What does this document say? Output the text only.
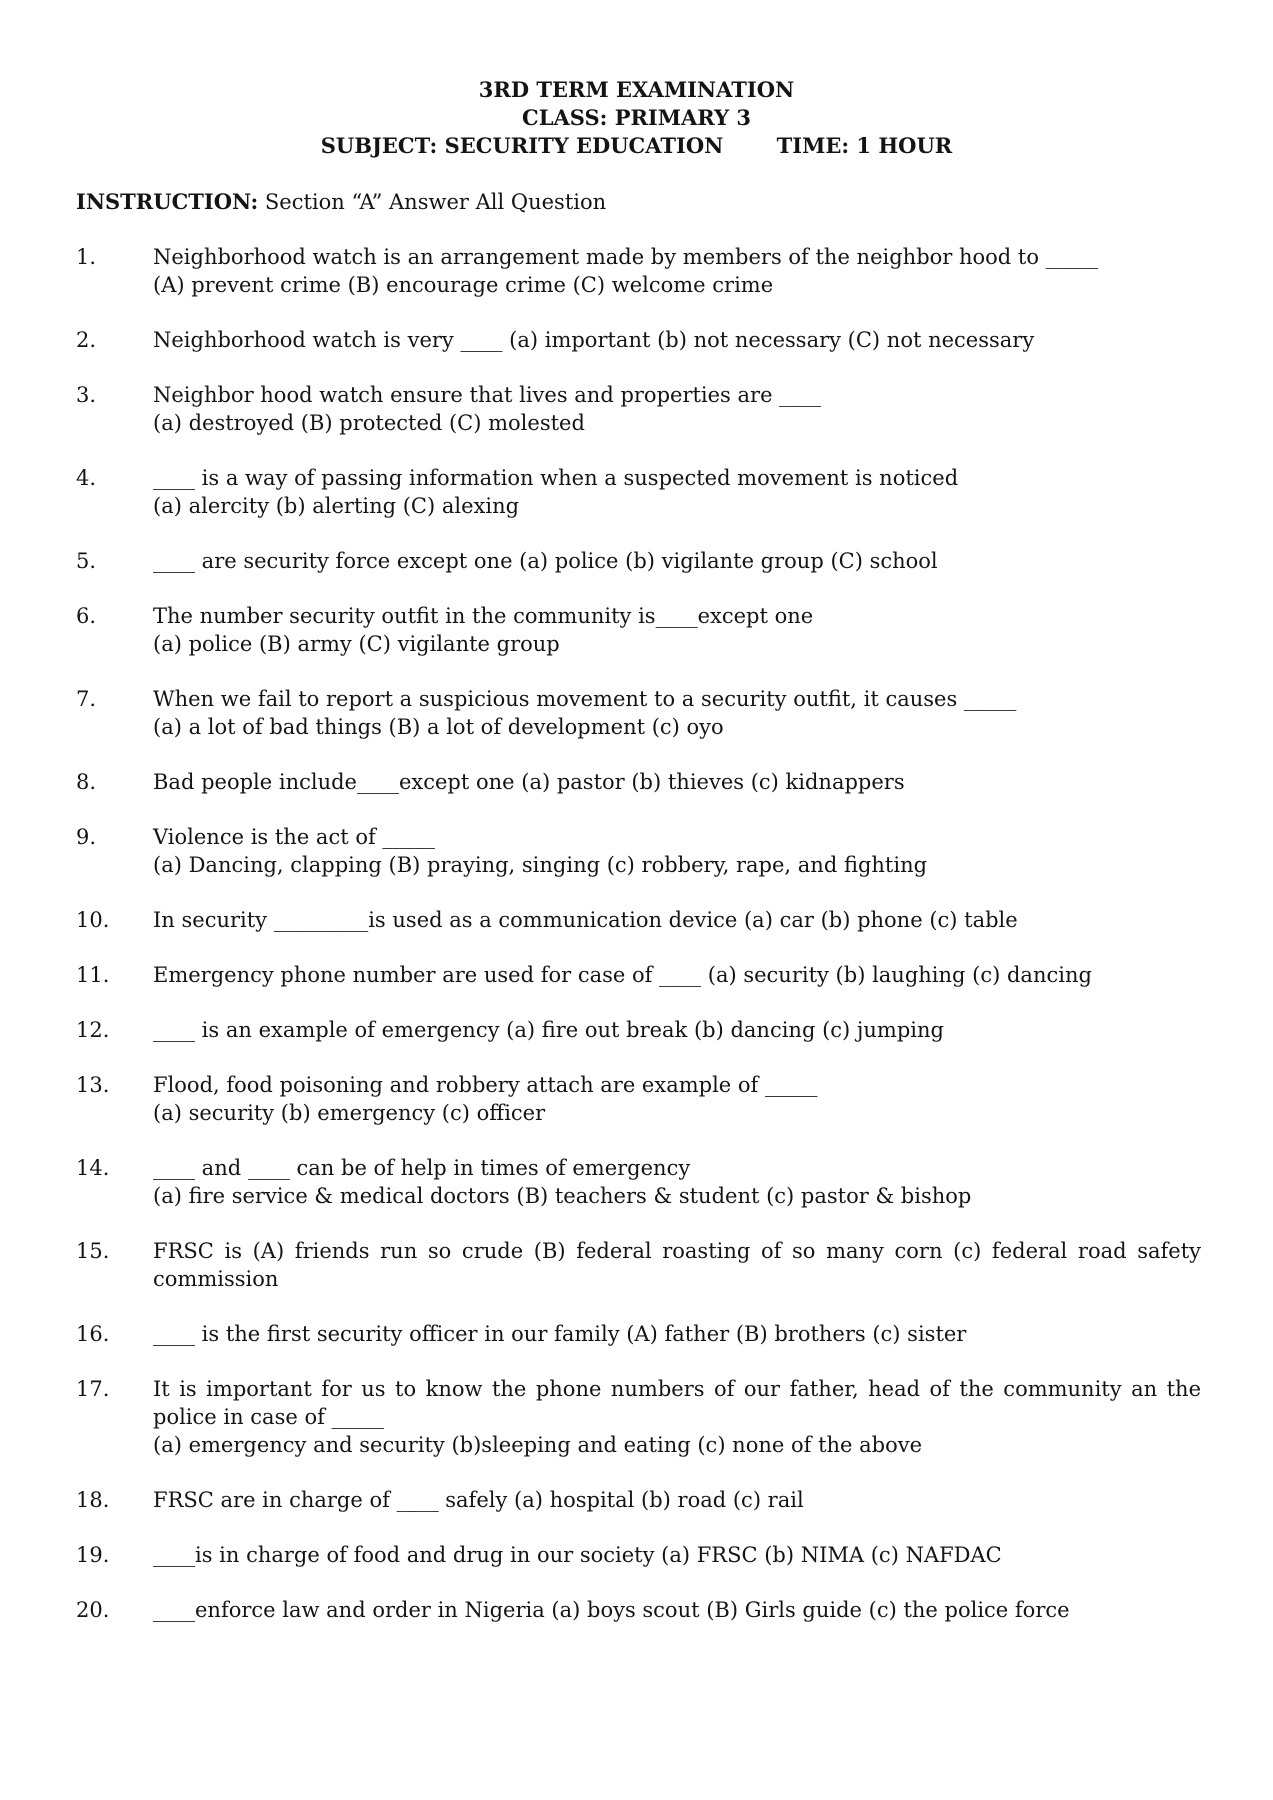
3RD TERM EXAMINATION
CLASS: PRIMARY 3
SUBJECT: SECURITY EDUCATION	TIME: 1 HOUR
INSTRUCTION: Section “A” Answer All Question
1.	Neighborhood watch is an arrangement made by members of the neighbor hood to _____
(A) prevent crime (B) encourage crime (C) welcome crime
2.	Neighborhood watch is very ____ (a) important (b) not necessary (C) not necessary
3.	Neighbor hood watch ensure that lives and properties are ____
(a) destroyed (B) protected (C) molested
4.	____ is a way of passing information when a suspected movement is noticed
(a) alercity (b) alerting (C) alexing
5.	____ are security force except one (a) police (b) vigilante group (C) school
6.	The number security outfit in the community is____except one
(a) police (B) army (C) vigilante group
7.	When we fail to report a suspicious movement to a security outfit, it causes _____
(a) a lot of bad things (B) a lot of development (c) oyo
8.	Bad people include____except one (a) pastor (b) thieves (c) kidnappers
9.	Violence is the act of _____
(a) Dancing, clapping (B) praying, singing (c) robbery, rape, and fighting
10. In security _________is used as a communication device (a) car (b) phone (c) table
11. Emergency phone number are used for case of ____ (a) security (b) laughing (c) dancing
12. ____ is an example of emergency (a) fire out break (b) dancing (c) jumping
13. Flood, food poisoning and robbery attach are example of _____
(a) security (b) emergency (c) officer
14. ____ and ____ can be of help in times of emergency
(a) fire service & medical doctors (B) teachers & student (c) pastor & bishop
15. FRSC is (A) friends run so crude (B) federal roasting of so many corn (c) federal road safety commission
16. ____ is the first security officer in our family (A) father (B) brothers (c) sister
17. It is important for us to know the phone numbers of our father, head of the community an the police in case of _____
(a) emergency and security (b)sleeping and eating (c) none of the above
18. FRSC are in charge of ____ safely (a) hospital (b) road (c) rail
19. ____is in charge of food and drug in our society (a) FRSC (b) NIMA (c) NAFDAC
20. ____enforce law and order in Nigeria (a) boys scout (B) Girls guide (c) the police force
